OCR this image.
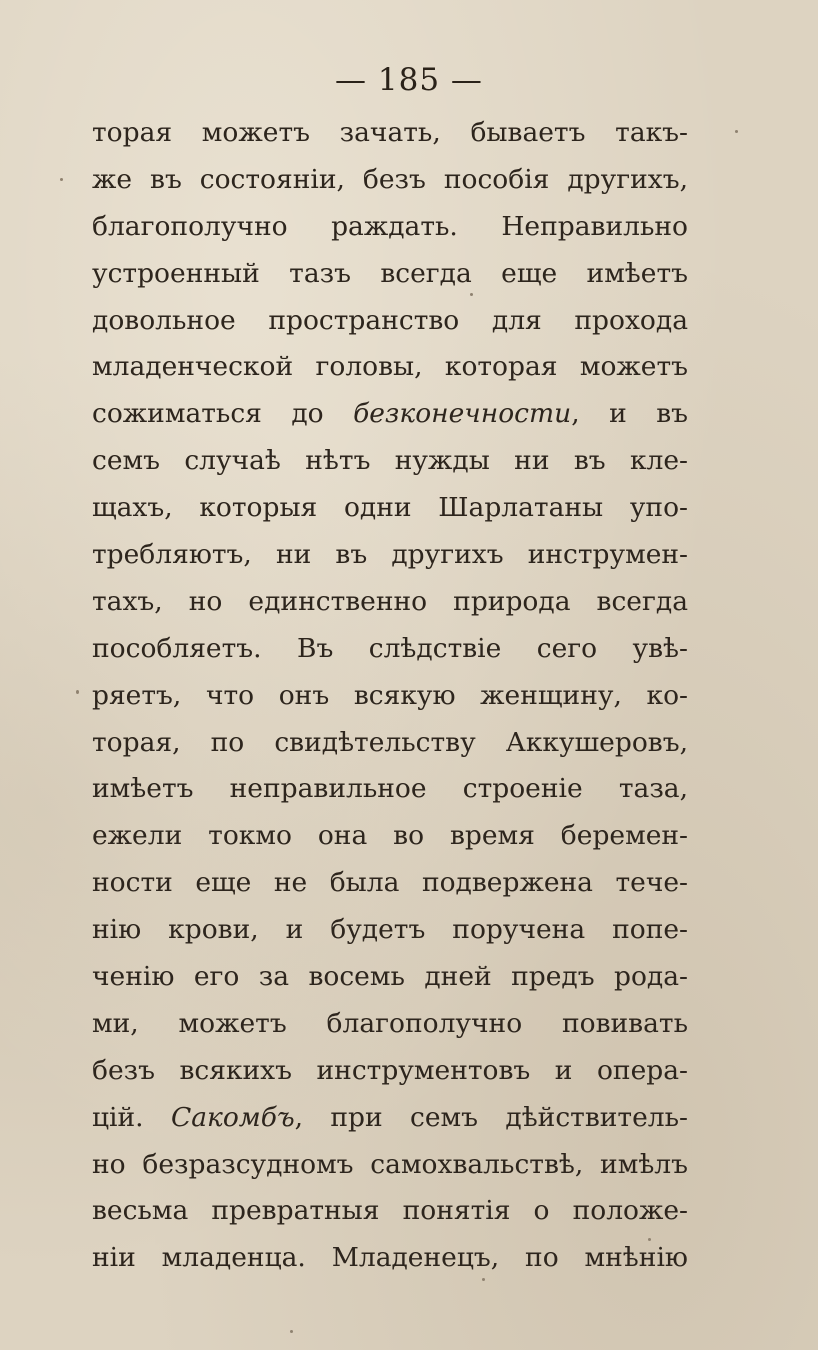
— 185 —
торая можетъ зачать, бываетъ такъ-
же въ состояніи, безъ пособія другихъ,
благополучно раждать. Неправильно
устроенный тазъ всегда еще имѣетъ
довольное пространство для прохода
младенческой головы, которая можетъ
сожиматься до безконечности, и въ
семъ случаѣ нѣтъ нужды ни въ кле-
щахъ, которыя одни Шарлатаны упо-
требляютъ, ни въ другихъ инструмен-
тахъ, но единственно природа всегда
пособляетъ. Въ слѣдствіе сего увѣ-
ряетъ, что онъ всякую женщину, ко-
торая, по свидѣтельству Аккушеровъ,
имѣетъ неправильное строеніе таза,
ежели токмо она во время беремен-
ности еще не была подвержена тече-
нію крови, и будетъ поручена попе-
ченію его за восемь дней предъ рода-
ми, можетъ благополучно повивать
безъ всякихъ инструментовъ и опера-
цій. Сакомбъ, при семъ дѣйствитель-
но безразсудномъ самохвальствѣ, имѣлъ
весьма превратныя понятія о положе-
ніи младенца. Младенецъ, по мнѣнію
